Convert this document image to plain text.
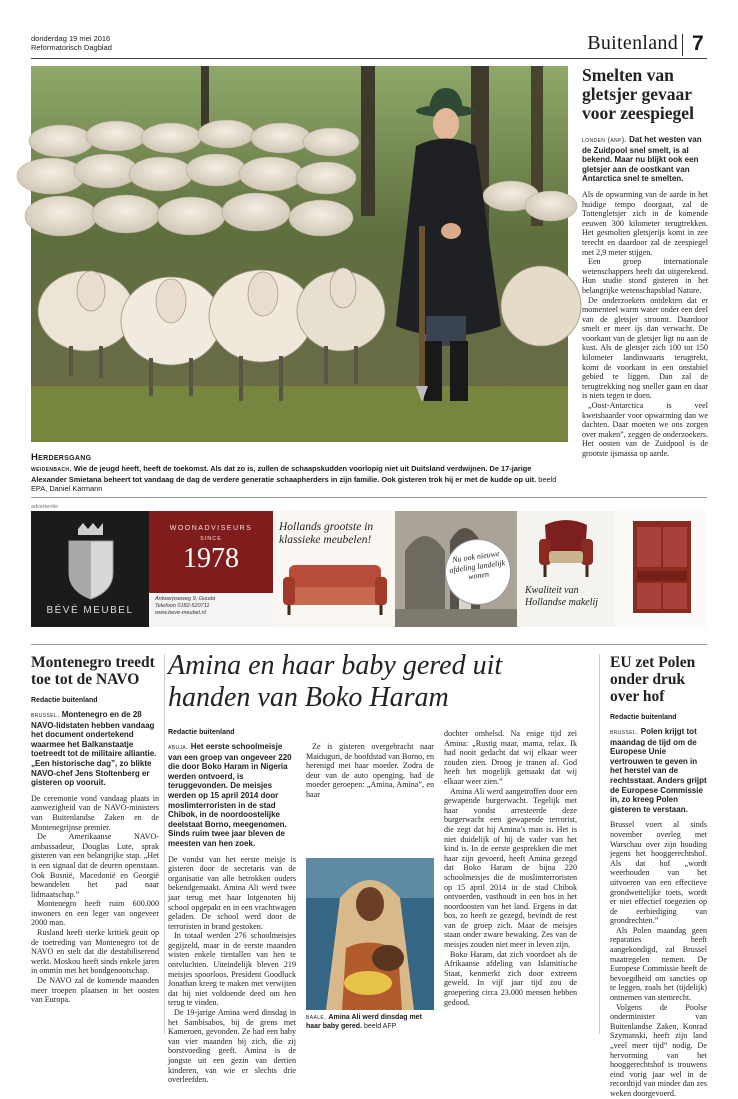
donderdag 19 mei 2016
Reformatorisch Dagblad	Buitenland 7
Herdersgang
weidenbach. Wie de jeugd heeft, heeft de toekomst. Als dat zo is, zullen de schaapskudden voorlopig niet uit Duitsland verdwijnen. De 17-jarige Alexander Smietana beheert tot vandaag de dag de verdere generatie schaapherders in zijn familie. Ook gisteren trok hij er met de kudde op uit. beeld EPA, Daniel Karmann
Smelten van gletsjer gevaar voor zeespiegel

londen (anp). Dat het westen van de Zuidpool snel smelt, is al bekend. Maar nu blijkt ook een gletsjer aan de oostkant van Antarctica snel te smelten.

Als de opwarming van de aarde in het huidige tempo doorgaat, zal de Tottengletsjer zich in de komende eeuwen 300 kilometer terugtrekken. Het gesmolten gletsjerijs komt in zee terecht en daardoor zal de zeespiegel met 2,9 meter stijgen.

Een groep internationale wetenschappers heeft dat uitgerekend. Hun studie stond gisteren in het belangrijke wetenschapsblad Nature.

De onderzoekers ontdekten dat er momenteel warm water onder een deel van de gletsjer stroomt. Daardoor smelt er meer ijs dan verwacht. De voorkant van de gletsjer ligt nu aan de kust. Als de gletsjer zich 100 tot 150 kilometer landinwaarts terugtrekt, komt de voorkant in een onstabiel gebied te liggen. Dan zal de terugtrekking nog sneller gaan en daar is niets tegen te doen.

„Oost-Antarctica is veel kwetsbaarder voor opwarming dan we dachten. Daar moeten we ons zorgen over maken”, zeggen de onderzoekers. Het oosten van de Zuidpool is de grootste ijsmassa op aarde.

advertentie
BÉVÉ MEUBEL
WOONADVISEURS
SINCE
1978
Antwerpseweg 9, Gouda
Telefoon 0182-520711
www.beve-meubel.nl
Hollands grootste in klassieke meubelen!
Nu ook nieuwe afdeling landelijk wonen
Kwaliteit van Hollandse makelij
Montenegro treedt toe tot de NAVO
Redactie buitenland

brussel. Montenegro en de 28 NAVO-lidstaten hebben vandaag het document ondertekend waarmee het Balkanstaatje toetreedt tot de militaire alliantie. „Een historische dag”, zo blikte NAVO-chef Jens Stoltenberg er gisteren op vooruit.

De ceremonie vond vandaag plaats in aanwezigheid van de NAVO-ministers van Buitenlandse Zaken en de Montenegrijnse premier.

De Amerikaanse NAVO-ambassadeur, Douglas Lute, sprak gisteren van een belangrijke stap. „Het is een signaal dat de deuren openstaan. Ook Bosnië, Macedonië en Georgië bewandelen het pad naar lidmaatschap.”

Montenegro heeft ruim 600.000 inwoners en een leger van ongeveer 2000 man.

Rusland heeft sterke kritiek geuit op de toetreding van Montenegro tot de NAVO en stelt dat die destabiliserend werkt. Moskou heeft sinds enkele jaren in ommin met het bondgenootschap.

De NAVO zal de komende maanden meer troepen plaatsen in het oosten van Europa.

Amina en haar baby gered uit handen van Boko Haram
Redactie buitenland

abuja. Het eerste schoolmeisje van een groep van ongeveer 220 die door Boko Haram in Nigeria werden ontvoerd, is teruggevonden. De meisjes werden op 15 april 2014 door moslimterroristen in de stad Chibok, in de noordoostelijke deelstaat Borno, meegenomen. Sinds ruim twee jaar bleven de meesten van hen zoek.

De vondst van het eerste meisje is gisteren door de secretaris van de organisatie van alle betrokken ouders bekendgemaakt. Amina Ali werd twee jaar terug met haar lotgenoten bij school opgepakt en in een vrachtwagen geladen. De school werd door de terroristen in brand gestoken.

In totaal werden 276 schoolmeisjes gegijzeld, maar in de eerste maanden wisten enkele tientallen van hen te ontvluchten. Uiteindelijk bleven 219 meisjes spoorloos. President Goodluck Jonathan kreeg te maken met verwijten dat hij niet voldoende deed om hen terug te vinden.

De 19-jarige Amina werd dinsdag in het Sambisabos, bij de grens met Kameroen, gevonden. Ze had een baby van vier maanden bij zich, die zij borstvoeding geeft. Amina is de jongste uit een gezin van dertien kinderen, van wie er slechts drie overleefden.

Ze is gisteren overgebracht naar Maiduguri, de hoofdstad van Borno, en herenigd met haar moeder. Zodra de deur van de auto openging, had de moeder geroepen: „Amina, Amina”, en haar

baale. Amina Ali werd dinsdag met haar baby gered. beeld AFP

dochter omhelsd. Na enige tijd zei Amina: „Rustig maar, mama, relax. Ik had nooit gedacht dat wij elkaar weer zouden zien. Droog je tranen af. God heeft het mogelijk gemaakt dat wij elkaar weer zien.”

Amina Ali werd aangetroffen door een gewapende burgerwacht. Tegelijk met haar vondst arresteerde deze burgerwacht een gewapende terrorist, die zegt dat hij Amina’s man is. Het is niet duidelijk of hij de vader van het kind is. In de eerste gesprekken die met haar zijn gevoerd, heeft Amina gezegd dat Boko Haram de bijna 220 schoolmeisjes die de moslimterroristen op 15 april 2014 in de stad Chibok ontvoerden, vasthoudt in een bos in het noordoosten van het land. Ergens in dat bos, zo heeft ze gezegd, bevindt de rest van de groep zich. Maar de meisjes staan onder zware bewaking. Zes van de meisjes zouden niet meer in leven zijn.

Boko Haram, dat zich voordoet als de Afrikaanse afdeling van Islamitische Staat, kenmerkt zich door extreem geweld. In vijf jaar tijd zou de groepering circa 23.000 mensen hebben gedood.

EU zet Polen onder druk over hof
Redactie buitenland

brussel. Polen krijgt tot maandag de tijd om de Europese Unie vertrouwen te geven in het herstel van de rechtsstaat. Anders grijpt de Europese Commissie in, zo kreeg Polen gisteren te verstaan.

Brussel voert al sinds november overleg met Warschau over zijn houding jegens het hooggerechtshof. Als dat hof „wordt weerhouden van het uitvoeren van een effectieve grondwettelijke toets, wordt er niet effectief toegezien op de eerbiediging van grondrechten.”

Als Polen maandag geen reparaties heeft aangekondigd, zal Brussel maatregelen nemen. De Europese Commissie heeft de bevoegdheid om sancties op te leggen, zoals het (tijdelijk) ontnemen van stemrecht.

Volgens de Poolse onderminister van Buitenlandse Zaken, Konrad Szymanski, heeft zijn land „veel meer tijd” nodig. De hervorming van het hooggerechtshof is trouwens eind vorig jaar wel in de recordtijd van minder dan zes weken doorgevoerd.
